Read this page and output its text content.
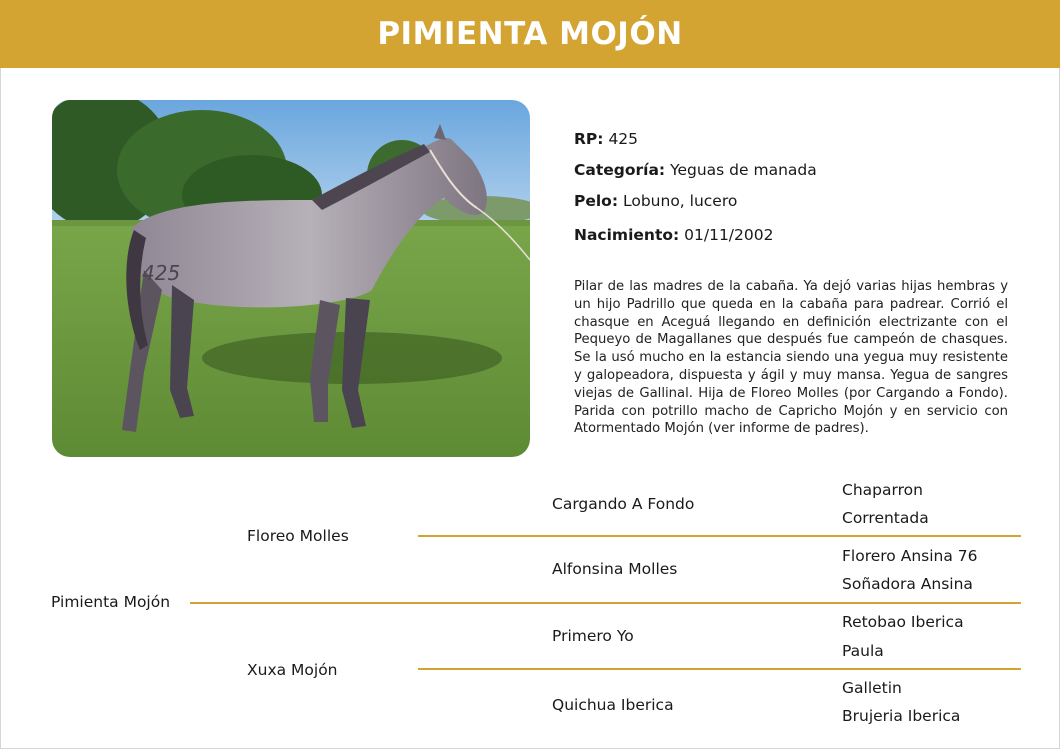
PIMIENTA MOJÓN
425
RP: 425
Categoría: Yeguas de manada
Pelo: Lobuno, lucero
Nacimiento: 01/11/2002
Pilar de las madres de la cabaña. Ya dejó varias hijas hembras y un hijo Padrillo que queda en la cabaña para padrear. Corrió el chasque en Aceguá llegando en definición electrizante con el Pequeyo de Magallanes que después fue campeón de chasques. Se la usó mucho en la estancia siendo una yegua muy resistente y galopeadora, dispuesta y ágil y muy mansa. Yegua de sangres viejas de Gallinal. Hija de Floreo Molles (por Cargando a Fondo). Parida con potrillo macho de Capricho Mojón y en servicio con Atormentado Mojón (ver informe de padres).
Pimienta Mojón
Floreo Molles
Xuxa Mojón
Cargando A Fondo
Alfonsina Molles
Primero Yo
Quichua Iberica
Chaparron
Correntada
Florero Ansina 76
Soñadora Ansina
Retobao Iberica
Paula
Galletin
Brujeria Iberica
